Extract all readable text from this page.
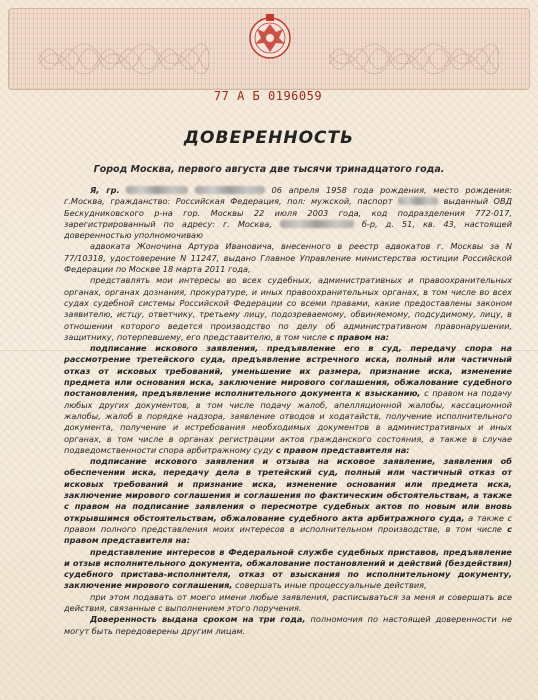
77 А Б 0196059
ДОВЕРЕННОСТЬ
Город Москва, первого августа две тысячи тринадцатого года.

Я, гр.	06 апреля 1958 года рождения, место рождения: г.Москва, гражданство: Российская Федерация, пол: мужской, паспорт	выданный ОВД Бескудниковского р-на гор. Москвы 22 июля 2003 года, код подразделения 772-017, зарегистрированный по адресу: г. Москва,	б-р, д. 51, кв. 43, настоящей доверенностью уполномочиваю

адвоката Жоночина Артура Ивановича, внесенного в реестр адвокатов г. Москвы за N 77/10318, удостоверение N 11247, выдано Главное Управление министерства юстиции Российской Федерации по Москве 18 марта 2011 года,

представлять мои интересы во всех судебных, административных и правоохранительных органах, органах дознания, прокуратуре, и иных правоохранительных органах, в том числе во всех судах судебной системы Российской Федерации со всеми правами, какие предоставлены законом заявителю, истцу, ответчику, третьему лицу, подозреваемому, обвиняемому, подсудимому, лицу, в отношении которого ведется производство по делу об административном правонарушении, защитнику, потерпевшему, его представителю, в том числе с правом на:

подписание искового заявления, предъявление его в суд, передачу спора на рассмотрение третейского суда, предъявление встречного иска, полный или частичный отказ от исковых требований, уменьшение их размера, признание иска, изменение предмета или основания иска, заключение мирового соглашения, обжалование судебного постановления, предъявление исполнительного документа к взысканию, с правом на подачу любых других документов, в том числе подачу жалоб, апелляционной жалобы, кассационной жалобы, жалоб в порядке надзора, заявление отводов и ходатайств, получение исполнительного документа, получение и истребования необходимых документов в административных и иных органах, в том числе в органах регистрации актов гражданского состояния, а также в случае подведомственности спора арбитражному суду с правом представителя на:

подписание искового заявления и отзыва на исковое заявление, заявления об обеспечении иска, передачу дела в третейский суд, полный или частичный отказ от исковых требований и признание иска, изменение основания или предмета иска, заключение мирового соглашения и соглашения по фактическим обстоятельствам, а также с правом на подписание заявления о пересмотре судебных актов по новым или вновь открывшимся обстоятельствам, обжалование судебного акта арбитражного суда, а также с правом полного представления моих интересов в исполнительном производстве, в том числе с правом представителя на:

представление интересов в Федеральной службе судебных приставов, предъявление и отзыв исполнительного документа, обжалование постановлений и действий (бездействия) судебного пристава-исполнителя, отказ от взыскания по исполнительному документу, заключение мирового соглашения, совершать иные процессуальные действия,

при этом подавать от моего имени любые заявления, расписываться за меня и совершать все действия, связанные с выполнением этого поручения.

Доверенность выдана сроком на три года, полномочия по настоящей доверенности не могут быть передоверены другим лицам.
